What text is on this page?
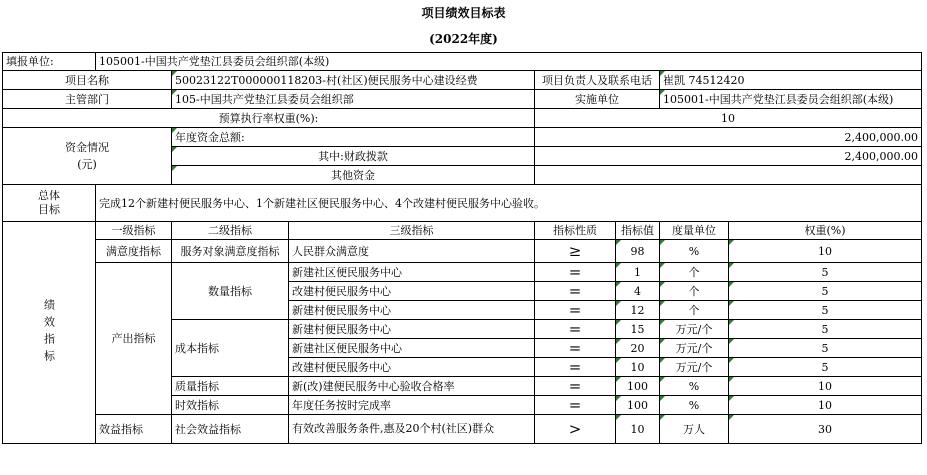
项目绩效目标表
(2022年度)
填报单位:	105001-中国共产党垫江县委员会组织部(本级)						
项目名称		50023122T000000118203-村(社区)便民服务中心建设经费		项目负责人及联系电话		崔凯 74512420	
主管部门		105-中国共产党垫江县委员会组织部		实施单位		105001-中国共产党垫江县委员会组织部(本级)	
预算执行率权重(%):				10			

资金情况
(元)		年度资金总额:		2,400,000.00			
		其中:财政拨款		2,400,000.00			
		其他资金					

总体
目标	完成12个新建村便民服务中心、1个新建社区便民服务中心、4个改建村便民服务中心验收。						

绩效指标	一级指标	二级指标	三级指标	指标性质	指标值	度量单位	权重(%)
	满意度指标	服务对象满意度指标	人民群众满意度	≥	98	%	10
	产出指标	数量指标	新建社区便民服务中心	=	1	个	5
			改建村便民服务中心	=	4	个	5
			新建村便民服务中心	=	12	个	5
		成本指标	新建村便民服务中心	=	15	万元/个	5
			新建社区便民服务中心	=	20	万元/个	5
			改建村便民服务中心	=	10	万元/个	5
		质量指标	新(改)建便民服务中心验收合格率	=	100	%	10
		时效指标	年度任务按时完成率	=	100	%	10
	效益指标	社会效益指标	有效改善服务条件,惠及20个村(社区)群众	>	10	万人	30
